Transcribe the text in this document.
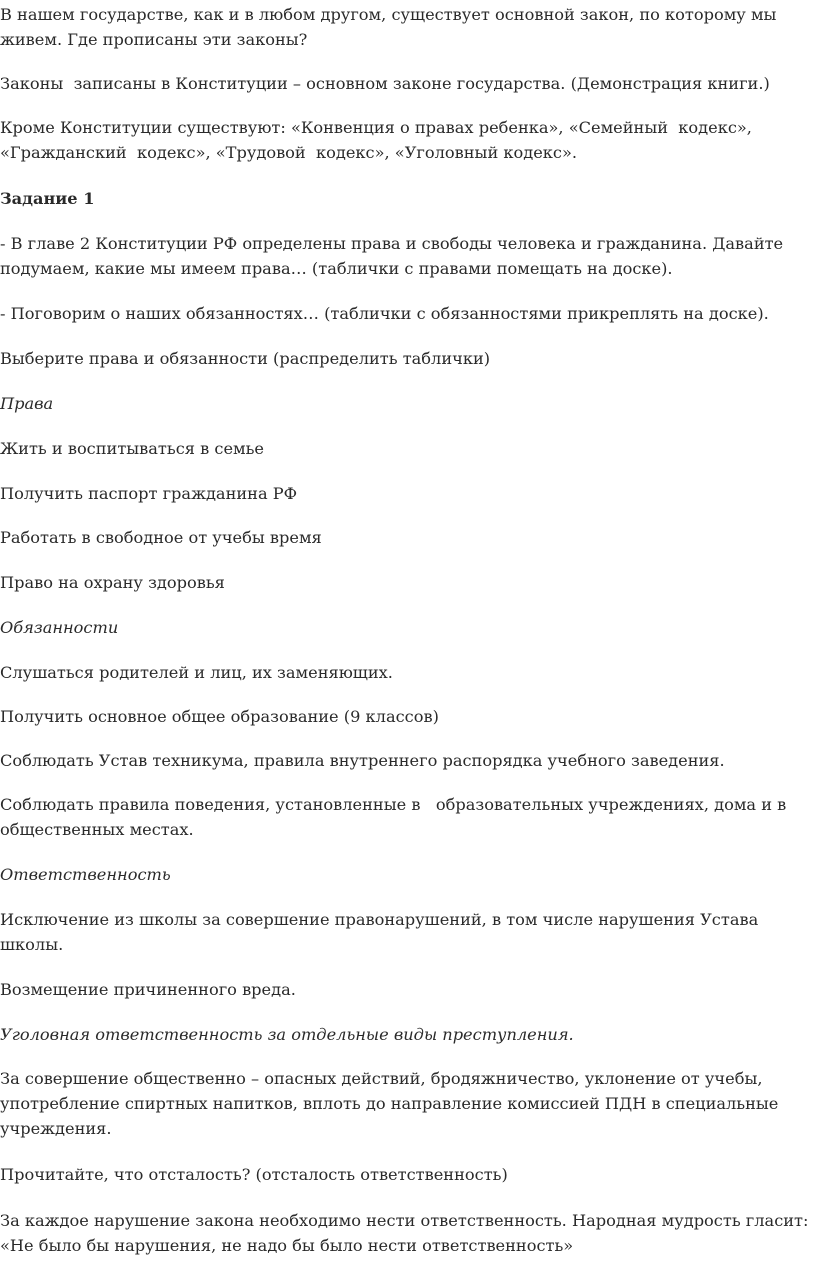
В нашем государстве, как и в любом другом, существует основной закон, по которому мы
живем. Где прописаны эти законы?

Законы  записаны в Конституции – основном законе государства. (Демонстрация книги.)

Кроме Конституции существуют: «Конвенция о правах ребенка», «Семейный  кодекс»,
«Гражданский  кодекс», «Трудовой  кодекс», «Уголовный кодекс».

Задание 1

- В главе 2 Конституции РФ определены права и свободы человека и гражданина. Давайте
подумаем, какие мы имеем права… (таблички с правами помещать на доске).

- Поговорим о наших обязанностях… (таблички с обязанностями прикреплять на доске).

Выберите права и обязанности (распределить таблички)

Права

Жить и воспитываться в семье

Получить паспорт гражданина РФ

Работать в свободное от учебы время

Право на охрану здоровья

Обязанности

Слушаться родителей и лиц, их заменяющих.

Получить основное общее образование (9 классов)

Соблюдать Устав техникума, правила внутреннего распорядка учебного заведения.

Соблюдать правила поведения, установленные в   образовательных учреждениях, дома и в
общественных местах.

Ответственность

Исключение из школы за совершение правонарушений, в том числе нарушения Устава
школы.

Возмещение причиненного вреда.

Уголовная ответственность за отдельные виды преступления.

За совершение общественно – опасных действий, бродяжничество, уклонение от учебы,
употребление спиртных напитков, вплоть до направление комиссией ПДН в специальные
учреждения.

Прочитайте, что отсталость? (отсталость ответственность)

За каждое нарушение закона необходимо нести ответственность. Народная мудрость гласит:
«Не было бы нарушения, не надо бы было нести ответственность»
